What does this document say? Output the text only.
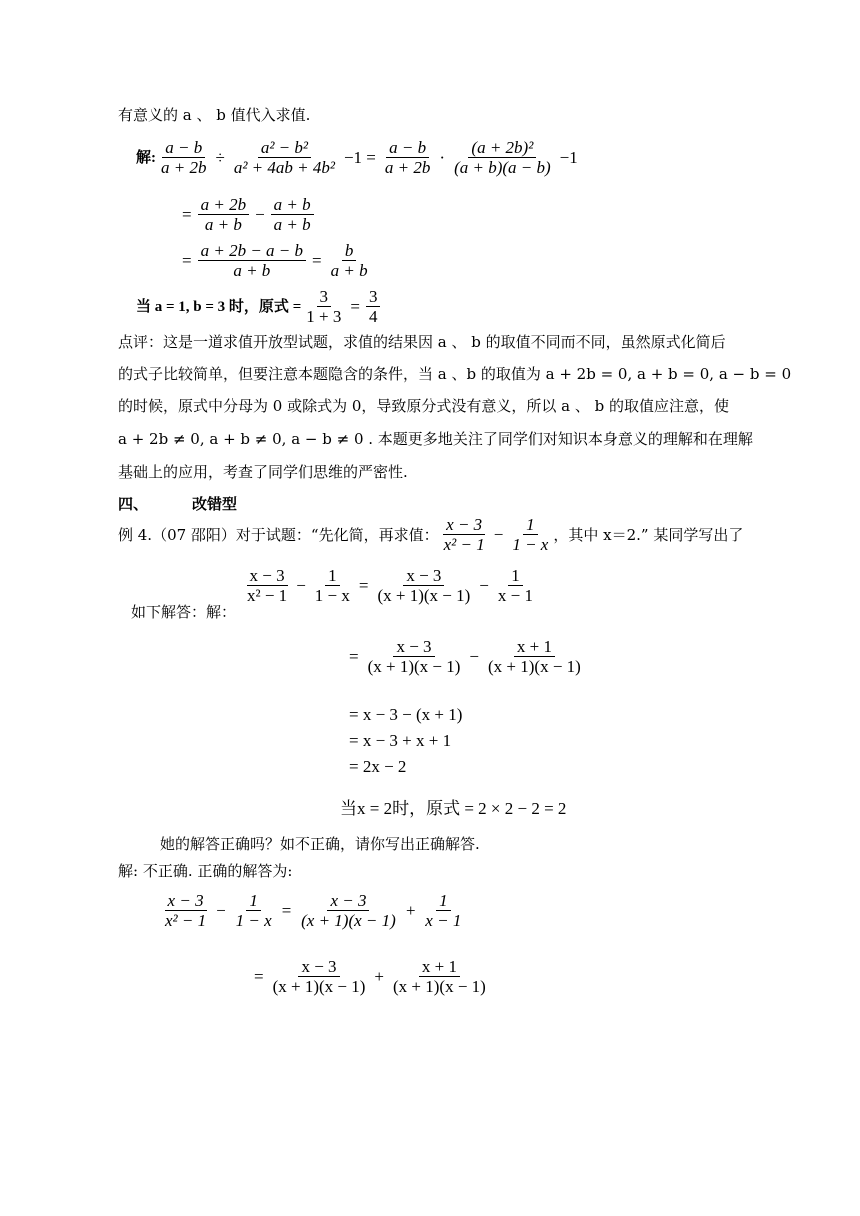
有意义的 a 、 b 值代入求值.
解: $\frac{a - b}{a + 2b} \div \frac{\text{a² − b²}}{\text{a² + 4ab + 4b²}} -1 = \frac{a - b}{a + 2b} \cdot \frac{\text{(a + 2b)²}}{(a + b)(a - b)} -1$
= $\frac{a + 2b}{a + b} - \frac{a + b}{a + b}$
= $\frac{a + 2b - a - b}{a + b} = \frac{b}{a + b}$
当 a = 1, b = 3 时，原式 = $\frac{3}{1 + 3} = \frac{3}{4}$
点评：这是一道求值开放型试题，求值的结果因 a 、 b 的取值不同而不同，虽然原式化简后
的式子比较简单，但要注意本题隐含的条件，当 a 、b 的取值为 a + 2b = 0, a + b = 0, a − b = 0
的时候，原式中分母为 0 或除式为 0，导致原分式没有意义，所以 a 、 b 的取值应注意，使
a + 2b ≠ 0, a + b ≠ 0, a − b ≠ 0 . 本题更多地关注了同学们对知识本身意义的理解和在理解
基础上的应用，考查了同学们思维的严密性.
四、	改错型
例 4.（07 邵阳）对于试题：“先化简，再求值： $\frac{x - 3}{\text{x² − 1}} - \frac{1}{1 - x}$ ，其中 x＝2.” 某同学写出了
如下解答：解：
$\frac{x - 3}{\text{x² − 1}} - \frac{1}{1 - x} = \frac{x - 3}{(x + 1)(x - 1)} - \frac{1}{x - 1}$
= $\frac{x - 3}{(x + 1)(x - 1)} - \frac{x + 1}{(x + 1)(x - 1)}$
= x − 3 − (x + 1)
= x − 3 + x + 1
= 2x − 2
当x = 2时，原式 = 2 × 2 − 2 = 2
她的解答正确吗？如不正确，请你写出正确解答.
解: 不正确. 正确的解答为:
$\frac{x - 3}{\text{x² − 1}} - \frac{1}{1 - x} = \frac{x - 3}{(x + 1)(x - 1)} + \frac{1}{x - 1}$
= $\frac{x - 3}{(x + 1)(x - 1)} + \frac{x + 1}{(x + 1)(x - 1)}$
